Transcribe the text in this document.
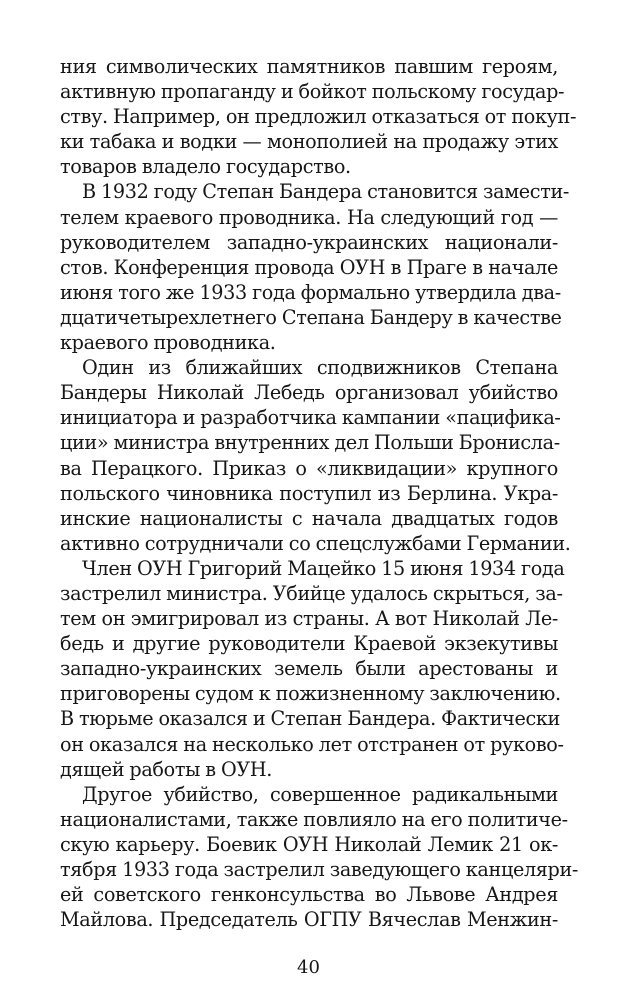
ния символических памятников павшим героям,
активную пропаганду и бойкот польскому государ-
ству. Например, он предложил отказаться от покуп-
ки табака и водки — монополией на продажу этих
товаров владело государство.
В 1932 году Степан Бандера становится замести-
телем краевого проводника. На следующий год —
руководителем западно-украинских национали-
стов. Конференция провода ОУН в Праге в начале
июня того же 1933 года формально утвердила два-
дцатичетырехлетнего Степана Бандеру в качестве
краевого проводника.
Один из ближайших сподвижников Степана
Бандеры Николай Лебедь организовал убийство
инициатора и разработчика кампании «пацифика-
ции» министра внутренних дел Польши Бронисла-
ва Перацкого. Приказ о «ликвидации» крупного
польского чиновника поступил из Берлина. Укра-
инские националисты с начала двадцатых годов
активно сотрудничали со спецслужбами Германии.
Член ОУН Григорий Мацейко 15 июня 1934 года
застрелил министра. Убийце удалось скрыться, за-
тем он эмигрировал из страны. А вот Николай Ле-
бедь и другие руководители Краевой экзекутивы
западно-украинских земель были арестованы и
приговорены судом к пожизненному заключению.
В тюрьме оказался и Степан Бандера. Фактически
он оказался на несколько лет отстранен от руково-
дящей работы в ОУН.
Другое убийство, совершенное радикальными
националистами, также повлияло на его политиче-
скую карьеру. Боевик ОУН Николай Лемик 21 ок-
тября 1933 года застрелил заведующего канцеляри-
ей советского генконсульства во Львове Андрея
Майлова. Председатель ОГПУ Вячеслав Менжин-
40
